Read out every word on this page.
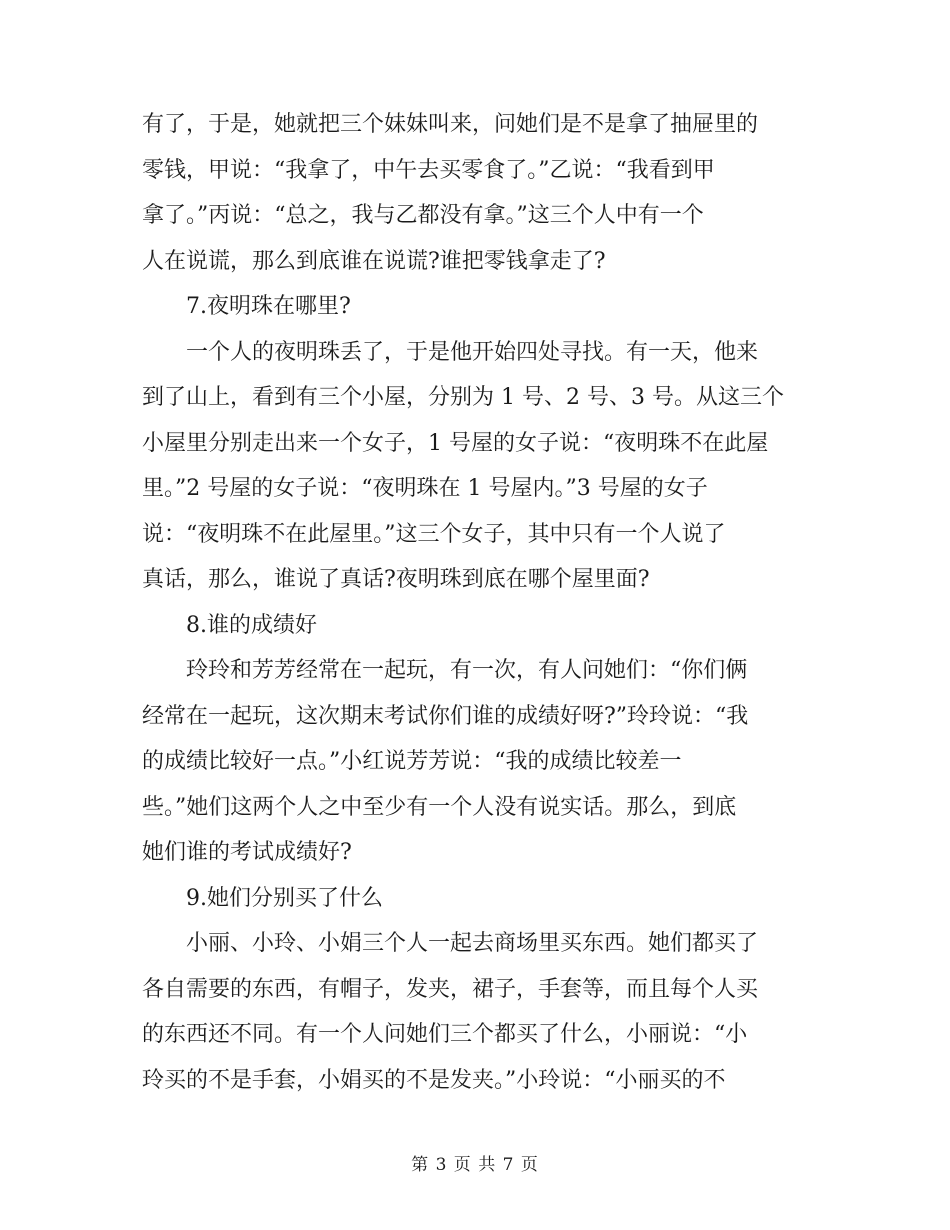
有了，于是，她就把三个妹妹叫来，问她们是不是拿了抽屉里的
零钱，甲说：“我拿了，中午去买零食了。”乙说：“我看到甲
拿了。”丙说：“总之，我与乙都没有拿。”这三个人中有一个
人在说谎，那么到底谁在说谎?谁把零钱拿走了?
7.夜明珠在哪里?
一个人的夜明珠丢了，于是他开始四处寻找。有一天，他来
到了山上，看到有三个小屋，分别为 1 号、2 号、3 号。从这三个
小屋里分别走出来一个女子，1 号屋的女子说：“夜明珠不在此屋
里。”2 号屋的女子说：“夜明珠在 1 号屋内。”3 号屋的女子
说：“夜明珠不在此屋里。”这三个女子，其中只有一个人说了
真话，那么，谁说了真话?夜明珠到底在哪个屋里面?
8.谁的成绩好
玲玲和芳芳经常在一起玩，有一次，有人问她们：“你们俩
经常在一起玩，这次期末考试你们谁的成绩好呀?”玲玲说：“我
的成绩比较好一点。”小红说芳芳说：“我的成绩比较差一
些。”她们这两个人之中至少有一个人没有说实话。那么，到底
她们谁的考试成绩好?
9.她们分别买了什么
小丽、小玲、小娟三个人一起去商场里买东西。她们都买了
各自需要的东西，有帽子，发夹，裙子，手套等，而且每个人买
的东西还不同。有一个人问她们三个都买了什么，小丽说：“小
玲买的不是手套，小娟买的不是发夹。”小玲说：“小丽买的不
第 3 页 共 7 页
